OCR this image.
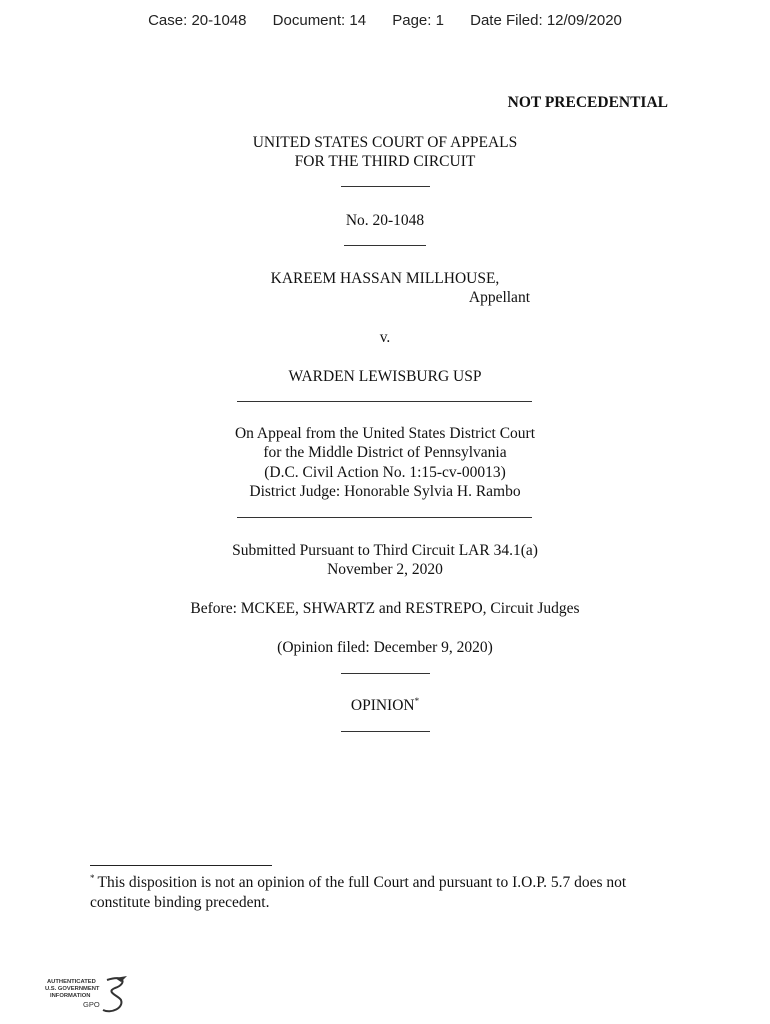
Case: 20-1048 Document: 14 Page: 1 Date Filed: 12/09/2020
NOT PRECEDENTIAL
UNITED STATES COURT OF APPEALS
FOR THE THIRD CIRCUIT
No. 20-1048
KAREEM HASSAN MILLHOUSE,
Appellant
v.
WARDEN LEWISBURG USP
On Appeal from the United States District Court
for the Middle District of Pennsylvania
(D.C. Civil Action No. 1:15-cv-00013)
District Judge: Honorable Sylvia H. Rambo
Submitted Pursuant to Third Circuit LAR 34.1(a)
November 2, 2020
Before: MCKEE, SHWARTZ and RESTREPO, Circuit Judges
(Opinion filed: December 9, 2020)
OPINION*
* This disposition is not an opinion of the full Court and pursuant to I.O.P. 5.7 does not constitute binding precedent.
AUTHENTICATED
U.S. GOVERNMENT
INFORMATION
GPO
